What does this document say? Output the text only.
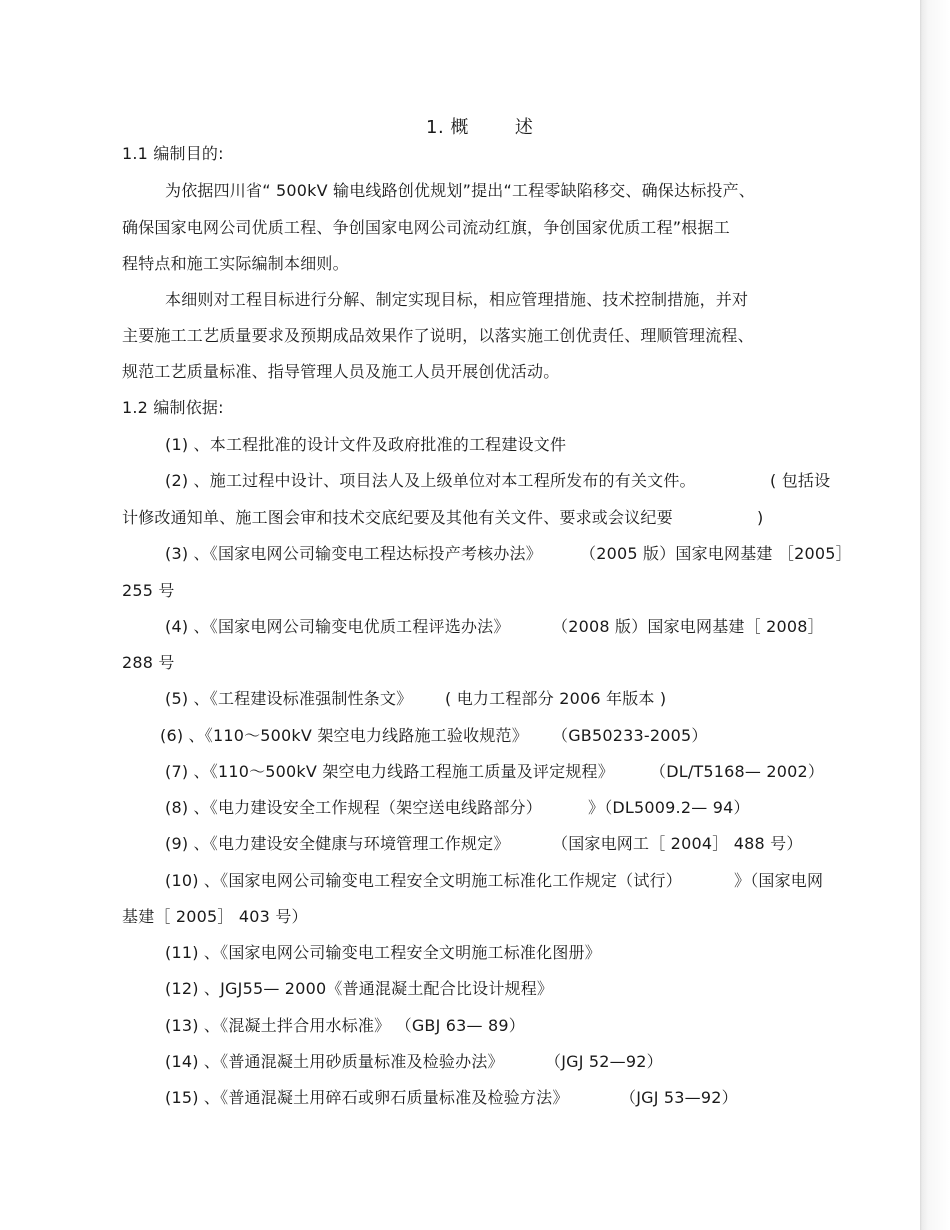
1. 概	述
1.1 编制目的:
为依据四川省“ 500kV 输电线路创优规划”提出“工程零缺陷移交、确保达标投产、
确保国家电网公司优质工程、争创国家电网公司流动红旗，争创国家优质工程”根据工
程特点和施工实际编制本细则。
本细则对工程目标进行分解、制定实现目标，相应管理措施、技术控制措施，并对
主要施工工艺质量要求及预期成品效果作了说明，以落实施工创优责任、理顺管理流程、
规范工艺质量标准、指导管理人员及施工人员开展创优活动。
1.2 编制依据:
(1) 、本工程批准的设计文件及政府批准的工程建设文件
(2) 、施工过程中设计、项目法人及上级单位对本工程所发布的有关文件。	( 包括设
计修改通知单、施工图会审和技术交底纪要及其他有关文件、要求或会议纪要	)
(3) 、《国家电网公司输变电工程达标投产考核办法》 （2005 版）国家电网基建 ［2005］
255 号
(4) 、《国家电网公司输变电优质工程评选办法》	（2008 版）国家电网基建［ 2008］
288 号
(5) 、《工程建设标准强制性条文》 ( 电力工程部分 2006 年版本 )
(6) 、《110～500kV 架空电力线路施工验收规范》 （GB50233-2005）
(7) 、《110～500kV 架空电力线路工程施工质量及评定规程》 （DL/T5168— 2002）
(8) 、《电力建设安全工作规程（架空送电线路部分）	》（DL5009.2— 94）
(9) 、《电力建设安全健康与环境管理工作规定》	（国家电网工［ 2004］ 488 号）
(10) 、《国家电网公司输变电工程安全文明施工标准化工作规定（试行）	》（国家电网
基建［ 2005］ 403 号）
(11) 、《国家电网公司输变电工程安全文明施工标准化图册》
(12) 、JGJ55— 2000《普通混凝土配合比设计规程》
(13) 、《混凝土拌合用水标准》 （GBJ 63— 89）
(14) 、《普通混凝土用砂质量标准及检验办法》	（JGJ 52—92）
(15) 、《普通混凝土用碎石或卵石质量标准及检验方法》	（JGJ 53—92）
